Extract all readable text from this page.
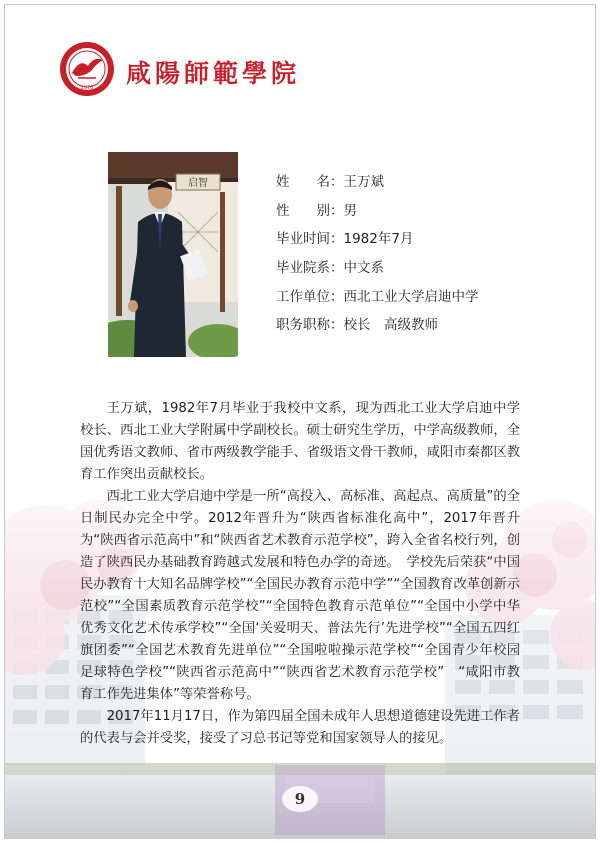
1978 咸陽師範學院
启智	姓　　名：王万斌
性　　别：男
毕业时间：1982年7月
毕业院系：中文系
工作单位：西北工业大学启迪中学
职务职称：校长　高级教师

王万斌，1982年7月毕业于我校中文系，现为西北工业大学启迪中学校长、西北工业大学附属中学副校长。硕士研究生学历，中学高级教师，全国优秀语文教师、省市两级教学能手、省级语文骨干教师，咸阳市秦都区教育工作突出贡献校长。

西北工业大学启迪中学是一所“高投入、高标准、高起点、高质量”的全日制民办完全中学。2012年晋升为“陕西省标准化高中”，2017年晋升为“陕西省示范高中”和“陕西省艺术教育示范学校”，跨入全省名校行列，创造了陕西民办基础教育跨越式发展和特色办学的奇迹。　学校先后荣获“中国民办教育十大知名品牌学校”“全国民办教育示范中学”“全国教育改革创新示范校”“全国素质教育示范学校”“全国特色教育示范单位”“全国中小学中华优秀文化艺术传承学校”“全国‘关爱明天、普法先行’先进学校”“全国五四红旗团委”“全国艺术教育先进单位”“全国啦啦操示范学校”“全国青少年校园足球特色学校”“陕西省示范高中”“陕西省艺术教育示范学校”　“咸阳市教育工作先进集体”等荣誉称号。

2017年11月17日，作为第四届全国未成年人思想道德建设先进工作者的代表与会并受奖，接受了习总书记等党和国家领导人的接见。

9
